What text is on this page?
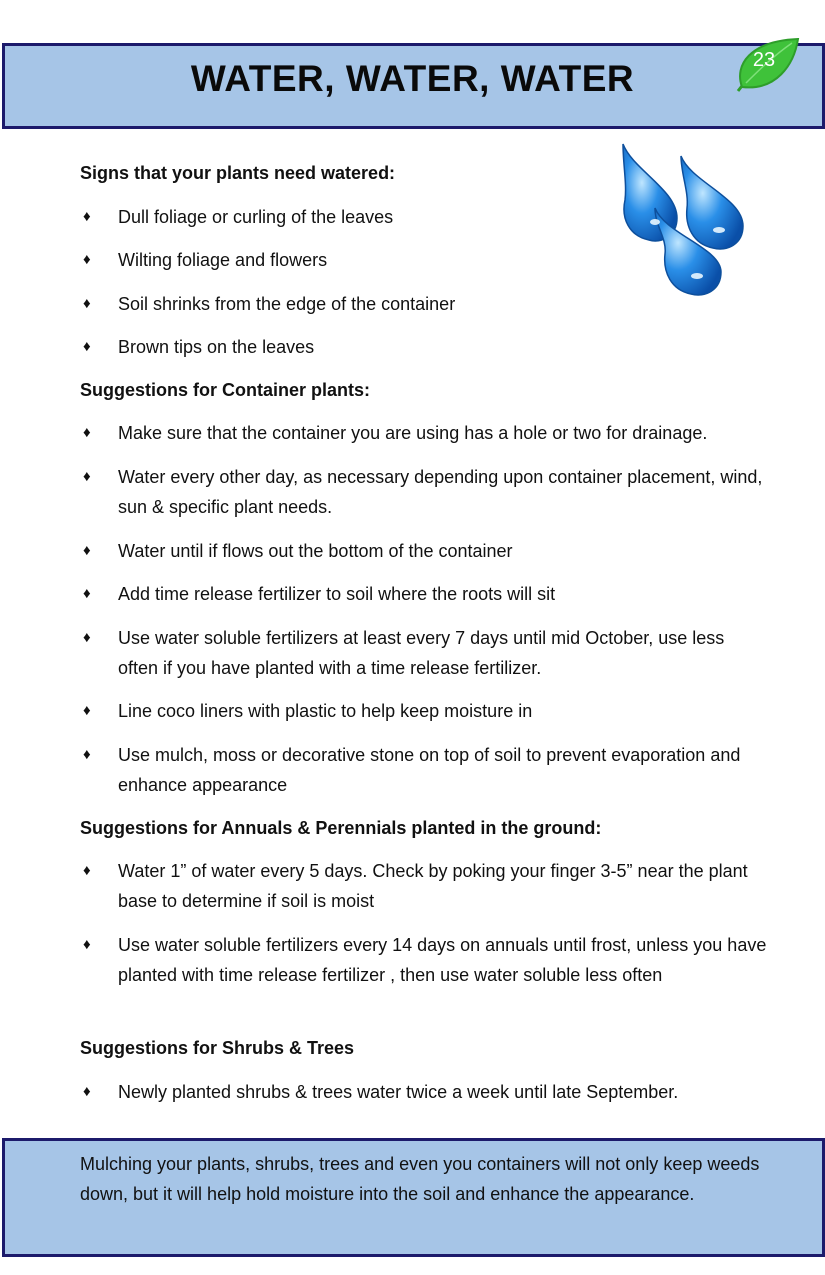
WATER, WATER, WATER	23
Signs that your plants need watered:
♦ Dull foliage or curling of the leaves
♦ Wilting foliage and flowers
♦ Soil shrinks from the edge of the container
♦ Brown tips on the leaves
Suggestions for Container plants:
♦ Make sure that the container you are using has a hole or two for drainage.
♦ Water every other day, as necessary depending upon container placement, wind, sun & specific plant needs.
♦ Water until if flows out the bottom of the container
♦ Add time release fertilizer to soil where the roots will sit
♦ Use water soluble fertilizers at least every 7 days until mid October, use less often if you have planted with a time release fertilizer.
♦ Line coco liners with plastic to help keep moisture in
♦ Use mulch, moss or decorative stone on top of soil to prevent evaporation and enhance appearance
Suggestions for Annuals & Perennials planted in the ground:
♦ Water 1” of water every 5 days. Check by poking your finger 3-5” near the plant base to determine if soil is moist
♦ Use water soluble fertilizers every 14 days on annuals until frost, unless you have planted with time release fertilizer , then use water soluble less often
Suggestions for Shrubs & Trees
♦ Newly planted shrubs & trees water twice a week until late September.
Mulching your plants, shrubs, trees and even you containers will not only keep weeds down, but it will help hold moisture into the soil and enhance the appearance.
